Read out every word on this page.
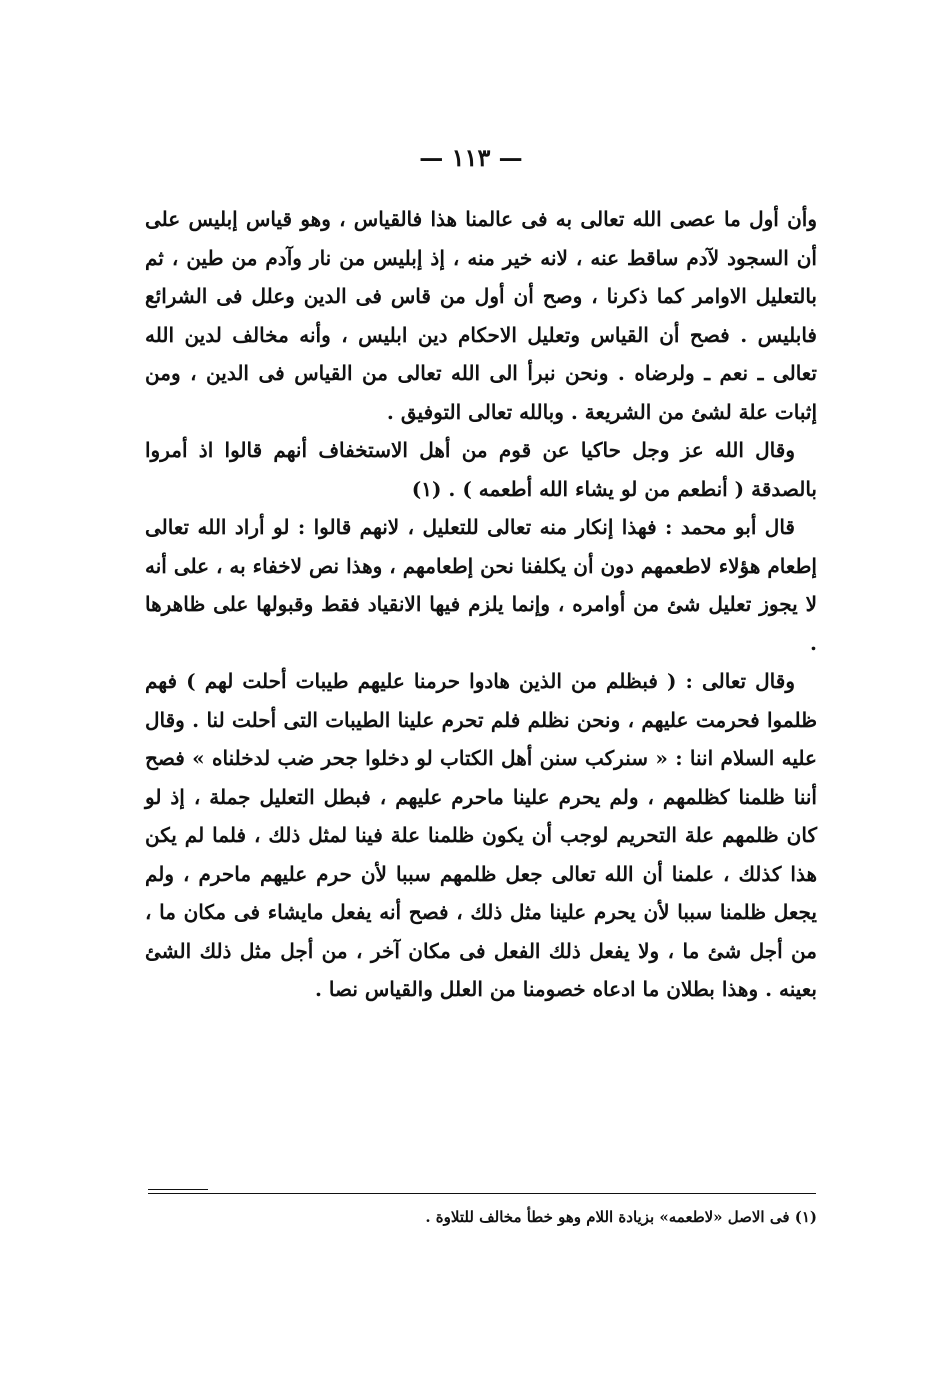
— ١١٣ —

وأن أول ما عصى الله تعالى به فى عالمنا هذا فالقياس ، وهو قياس إبليس على أن السجود لآدم ساقط عنه ، لانه خير منه ، إذ إبليس من نار وآدم من طين ، ثم بالتعليل الاوامر كما ذكرنا ، وصح أن أول من قاس فى الدين وعلل فى الشرائع فابليس . فصح أن القياس وتعليل الاحكام دين ابليس ، وأنه مخالف لدين الله تعالى ـ نعم ـ ولرضاه . ونحن نبرأ الى الله تعالى من القياس فى الدين ، ومن إثبات علة لشئ من الشريعة . وبالله تعالى التوفيق .

وقال الله عز وجل حاكيا عن قوم من أهل الاستخفاف أنهم قالوا اذ أمروا بالصدقة ( أنطعم من لو يشاء الله أطعمه ) . (١)

قال أبو محمد : فهذا إنكار منه تعالى للتعليل ، لانهم قالوا : لو أراد الله تعالى إطعام هؤلاء لاطعمهم دون أن يكلفنا نحن إطعامهم ، وهذا نص لاخفاء به ، على أنه لا يجوز تعليل شئ من أوامره ، وإنما يلزم فيها الانقياد فقط وقبولها على ظاهرها .

وقال تعالى : ( فبظلم من الذين هادوا حرمنا عليهم طيبات أحلت لهم ) فهم ظلموا فحرمت عليهم ، ونحن نظلم فلم تحرم علينا الطيبات التى أحلت لنا . وقال عليه السلام اننا : « سنركب سنن أهل الكتاب لو دخلوا جحر ضب لدخلناه » فصح أننا ظلمنا كظلمهم ، ولم يحرم علينا ماحرم عليهم ، فبطل التعليل جملة ، إذ لو كان ظلمهم علة التحريم لوجب أن يكون ظلمنا علة فينا لمثل ذلك ، فلما لم يكن هذا كذلك ، علمنا أن الله تعالى جعل ظلمهم سببا لأن حرم عليهم ماحرم ، ولم يجعل ظلمنا سببا لأن يحرم علينا مثل ذلك ، فصح أنه يفعل مايشاء فى مكان ما ، من أجل شئ ما ، ولا يفعل ذلك الفعل فى مكان آخر ، من أجل مثل ذلك الشئ بعينه . وهذا بطلان ما ادعاه خصومنا من العلل والقياس نصا .

(١) فى الاصل «لاطعمه» بزيادة اللام وهو خطأ مخالف للتلاوة .
